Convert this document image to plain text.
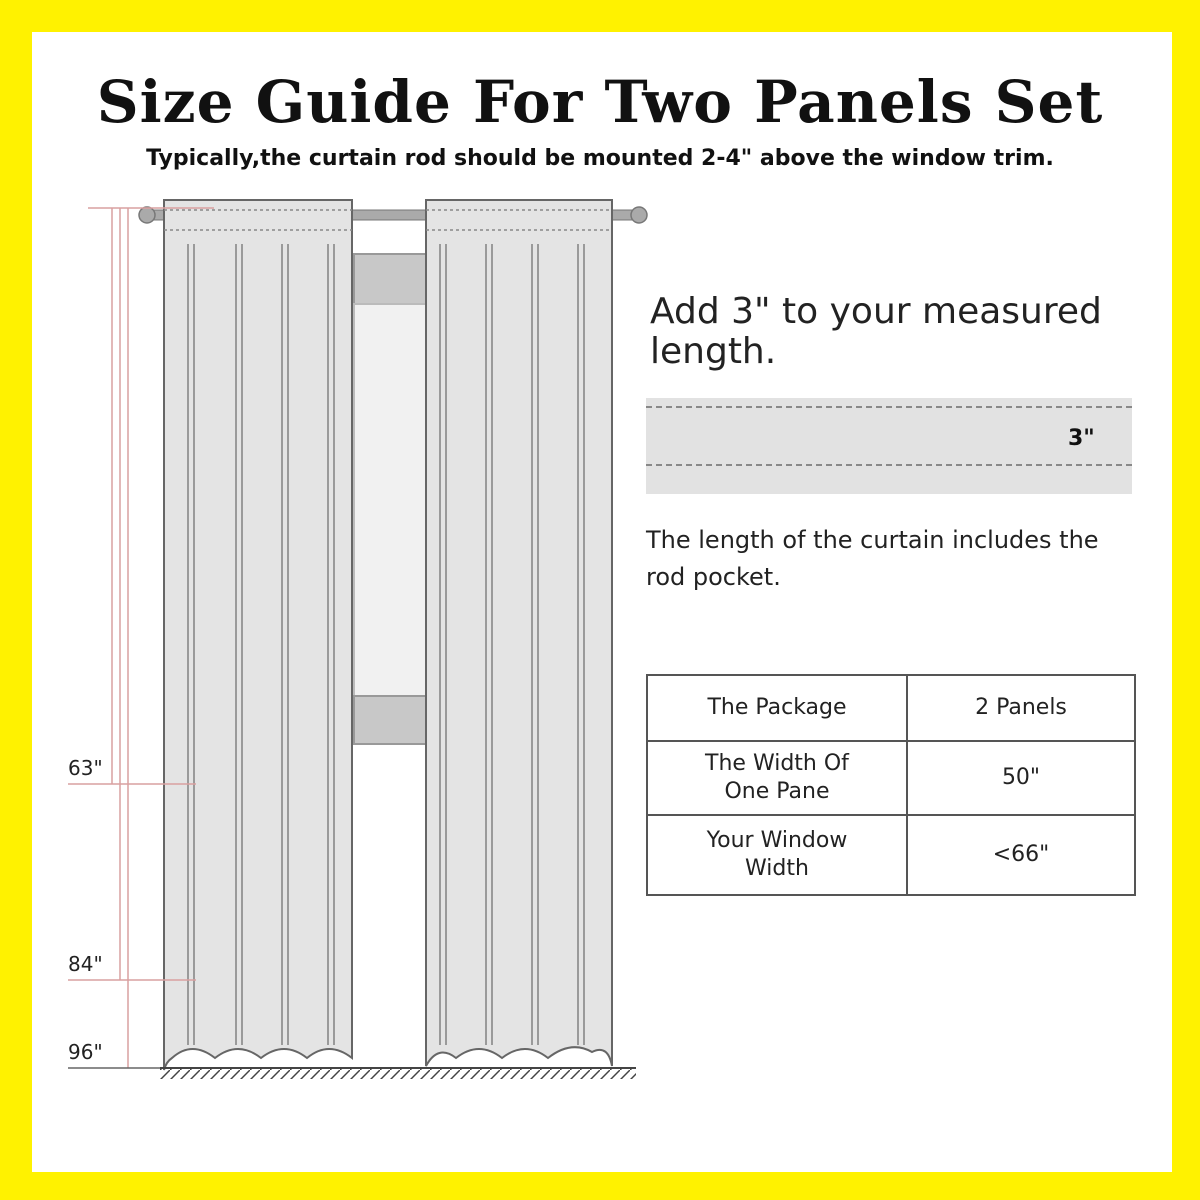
Size Guide For Two Panels Set
Typically,the curtain rod should be mounted 2-4" above the window trim.
63"
84"
96"
Add 3" to your measured length.
3"
The length of the curtain includes the rod pocket.
The Package	2 Panels

The Width Of One Pane	50"

Your Window Width	<66"
